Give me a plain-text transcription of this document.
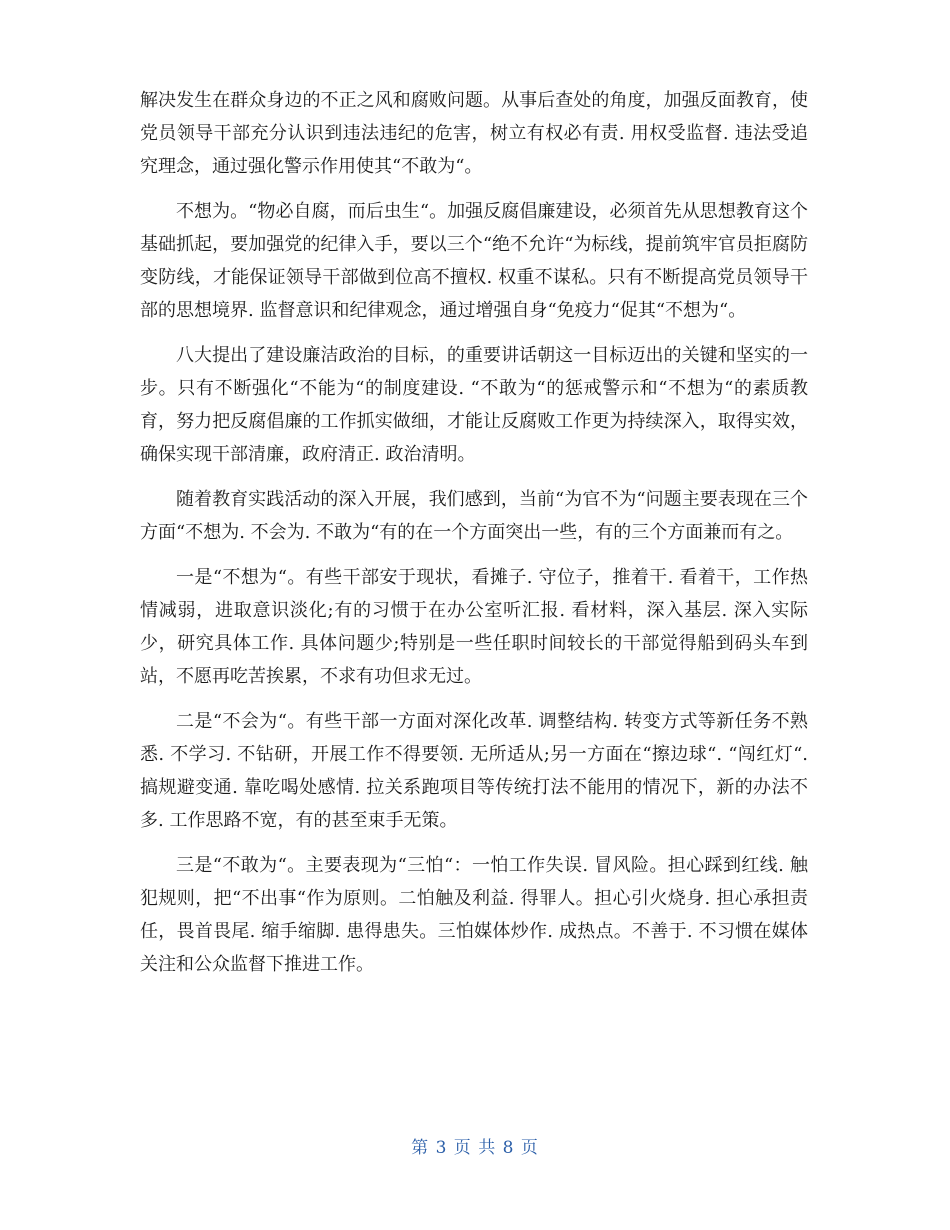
解决发生在群众身边的不正之风和腐败问题。从事后查处的角度，加强反面教育，使党员领导干部充分认识到违法违纪的危害，树立有权必有责. 用权受监督. 违法受追究理念，通过强化警示作用使其“不敢为“。

不想为。“物必自腐，而后虫生“。加强反腐倡廉建设，必须首先从思想教育这个基础抓起，要加强党的纪律入手，要以三个“绝不允许“为标线，提前筑牢官员拒腐防变防线，才能保证领导干部做到位高不擅权. 权重不谋私。只有不断提高党员领导干部的思想境界. 监督意识和纪律观念，通过增强自身“免疫力“促其“不想为“。

八大提出了建设廉洁政治的目标，的重要讲话朝这一目标迈出的关键和坚实的一步。只有不断强化“不能为“的制度建设. “不敢为“的惩戒警示和“不想为“的素质教育，努力把反腐倡廉的工作抓实做细，才能让反腐败工作更为持续深入，取得实效，确保实现干部清廉，政府清正. 政治清明。

随着教育实践活动的深入开展，我们感到，当前“为官不为“问题主要表现在三个方面“不想为. 不会为. 不敢为“有的在一个方面突出一些，有的三个方面兼而有之。

一是“不想为“。有些干部安于现状，看摊子. 守位子，推着干. 看着干，工作热情减弱，进取意识淡化;有的习惯于在办公室听汇报. 看材料，深入基层. 深入实际少，研究具体工作. 具体问题少;特别是一些任职时间较长的干部觉得船到码头车到站，不愿再吃苦挨累，不求有功但求无过。

二是“不会为“。有些干部一方面对深化改革. 调整结构. 转变方式等新任务不熟悉. 不学习. 不钻研，开展工作不得要领. 无所适从;另一方面在“擦边球“. “闯红灯“. 搞规避变通. 靠吃喝处感情. 拉关系跑项目等传统打法不能用的情况下，新的办法不多. 工作思路不宽，有的甚至束手无策。

三是“不敢为“。主要表现为“三怕“：一怕工作失误. 冒风险。担心踩到红线. 触犯规则，把“不出事“作为原则。二怕触及利益. 得罪人。担心引火烧身. 担心承担责任，畏首畏尾. 缩手缩脚. 患得患失。三怕媒体炒作. 成热点。不善于. 不习惯在媒体关注和公众监督下推进工作。

第 3 页 共 8 页
